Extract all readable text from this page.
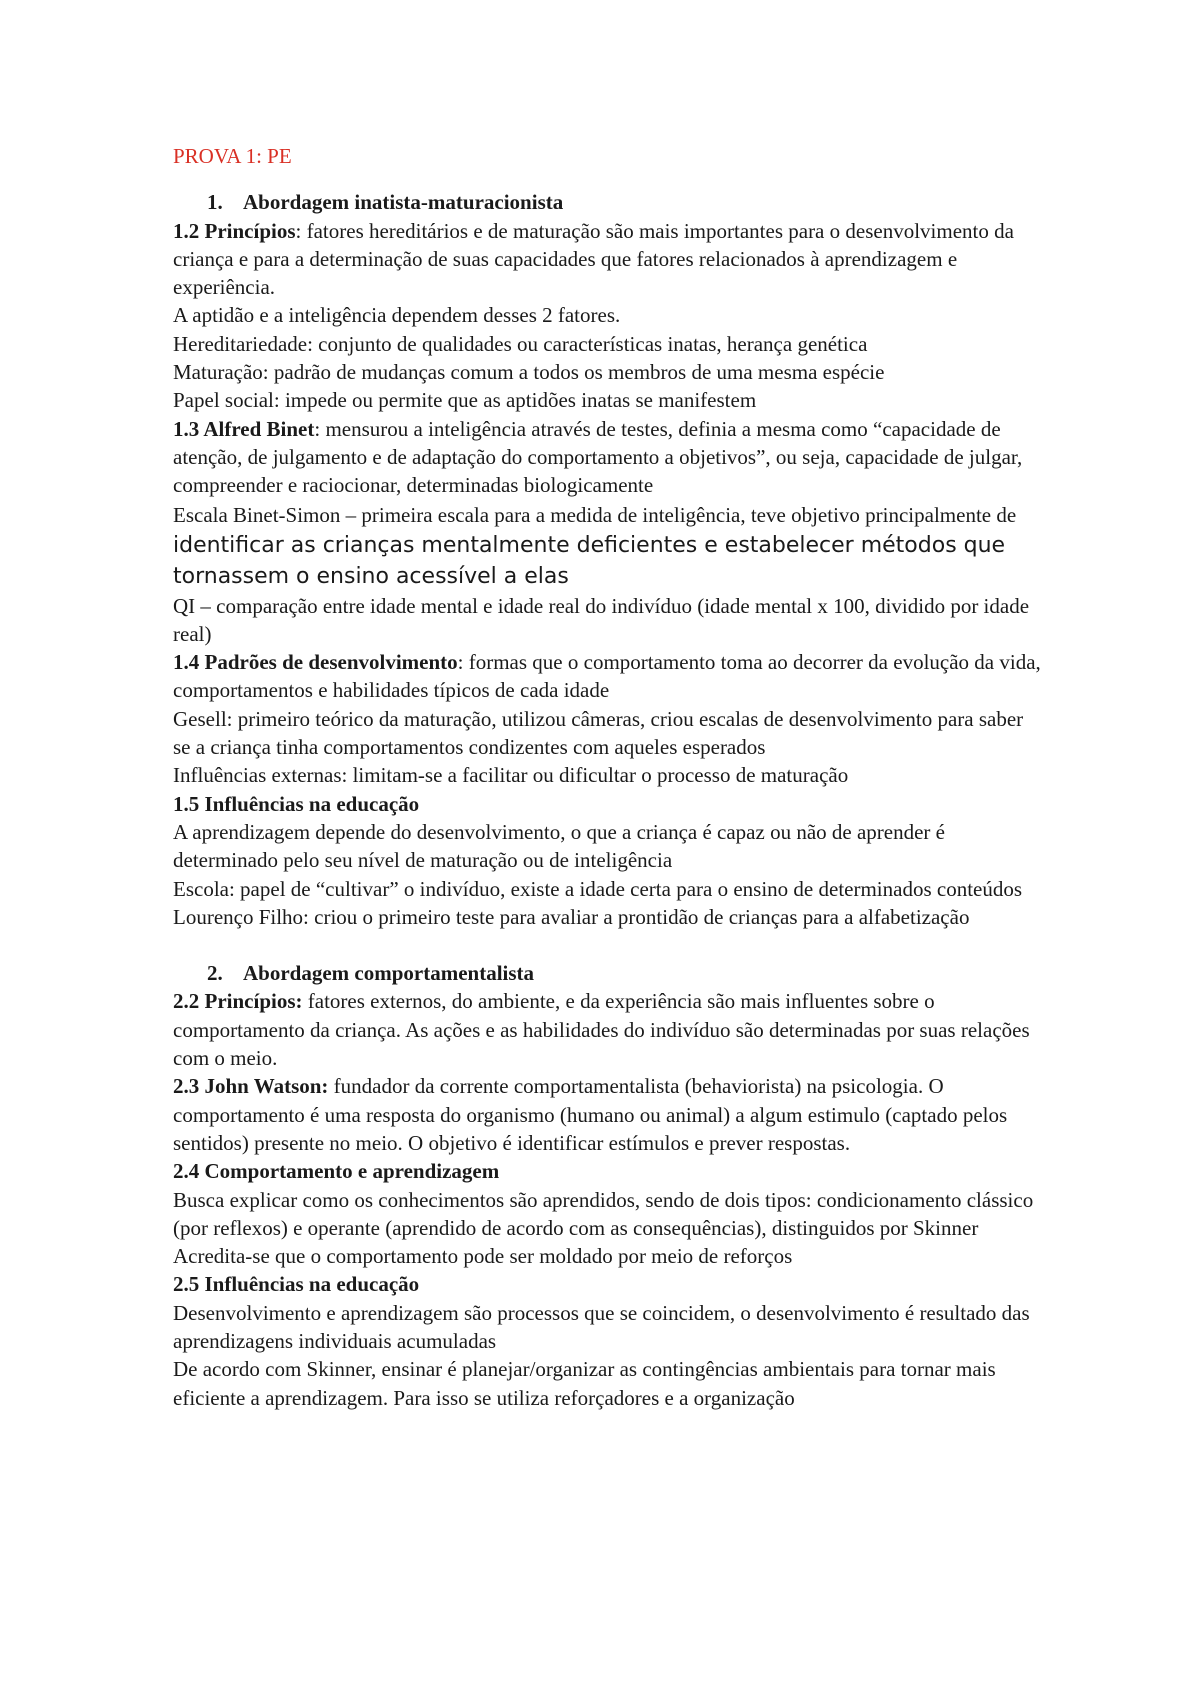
PROVA 1: PE
1. Abordagem inatista-maturacionista

1.2 Princípios: fatores hereditários e de maturação são mais importantes para o desenvolvimento da criança e para a determinação de suas capacidades que fatores relacionados à aprendizagem e experiência.

A aptidão e a inteligência dependem desses 2 fatores.

Hereditariedade: conjunto de qualidades ou características inatas, herança genética

Maturação: padrão de mudanças comum a todos os membros de uma mesma espécie

Papel social: impede ou permite que as aptidões inatas se manifestem

1.3 Alfred Binet: mensurou a inteligência através de testes, definia a mesma como “capacidade de atenção, de julgamento e de adaptação do comportamento a objetivos”, ou seja, capacidade de julgar, compreender e raciocionar, determinadas biologicamente

Escala Binet-Simon – primeira escala para a medida de inteligência, teve objetivo principalmente de identificar as crianças mentalmente deficientes e estabelecer métodos que tornassem o ensino acessível a elas

QI – comparação entre idade mental e idade real do indivíduo (idade mental x 100, dividido por idade real)

1.4 Padrões de desenvolvimento: formas que o comportamento toma ao decorrer da evolução da vida, comportamentos e habilidades típicos de cada idade

Gesell: primeiro teórico da maturação, utilizou câmeras, criou escalas de desenvolvimento para saber se a criança tinha comportamentos condizentes com aqueles esperados

Influências externas: limitam-se a facilitar ou dificultar o processo de maturação

1.5 Influências na educação

A aprendizagem depende do desenvolvimento, o que a criança é capaz ou não de aprender é determinado pelo seu nível de maturação ou de inteligência

Escola: papel de “cultivar” o indivíduo, existe a idade certa para o ensino de determinados conteúdos

Lourenço Filho: criou o primeiro teste para avaliar a prontidão de crianças para a alfabetização

2. Abordagem comportamentalista

2.2 Princípios: fatores externos, do ambiente, e da experiência são mais influentes sobre o comportamento da criança. As ações e as habilidades do indivíduo são determinadas por suas relações com o meio.

2.3 John Watson: fundador da corrente comportamentalista (behaviorista) na psicologia. O comportamento é uma resposta do organismo (humano ou animal) a algum estimulo (captado pelos sentidos) presente no meio. O objetivo é identificar estímulos e prever respostas.

2.4 Comportamento e aprendizagem

Busca explicar como os conhecimentos são aprendidos, sendo de dois tipos: condicionamento clássico (por reflexos) e operante (aprendido de acordo com as consequências), distinguidos por Skinner

Acredita-se que o comportamento pode ser moldado por meio de reforços

2.5 Influências na educação

Desenvolvimento e aprendizagem são processos que se coincidem, o desenvolvimento é resultado das aprendizagens individuais acumuladas

De acordo com Skinner, ensinar é planejar/organizar as contingências ambientais para tornar mais eficiente a aprendizagem. Para isso se utiliza reforçadores e a organização
